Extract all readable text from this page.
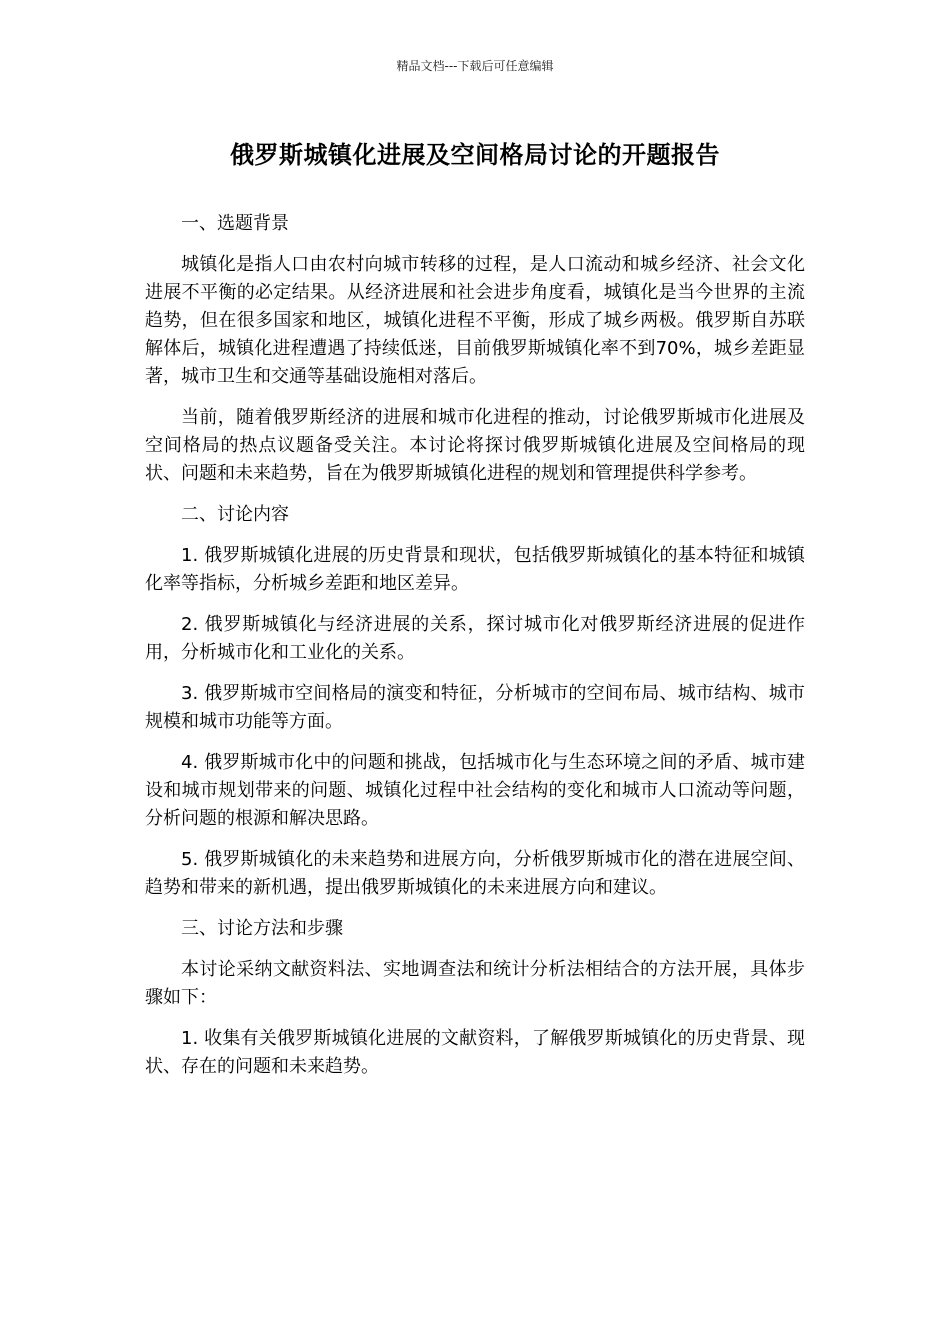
精品文档---下载后可任意编辑
俄罗斯城镇化进展及空间格局讨论的开题报告
一、选题背景
城镇化是指人口由农村向城市转移的过程，是人口流动和城乡经济、社会文化进展不平衡的必定结果。从经济进展和社会进步角度看，城镇化是当今世界的主流趋势，但在很多国家和地区，城镇化进程不平衡，形成了城乡两极。俄罗斯自苏联解体后，城镇化进程遭遇了持续低迷，目前俄罗斯城镇化率不到70%，城乡差距显著，城市卫生和交通等基础设施相对落后。
当前，随着俄罗斯经济的进展和城市化进程的推动，讨论俄罗斯城市化进展及空间格局的热点议题备受关注。本讨论将探讨俄罗斯城镇化进展及空间格局的现状、问题和未来趋势，旨在为俄罗斯城镇化进程的规划和管理提供科学参考。
二、讨论内容
1. 俄罗斯城镇化进展的历史背景和现状，包括俄罗斯城镇化的基本特征和城镇化率等指标，分析城乡差距和地区差异。
2. 俄罗斯城镇化与经济进展的关系，探讨城市化对俄罗斯经济进展的促进作用，分析城市化和工业化的关系。
3. 俄罗斯城市空间格局的演变和特征，分析城市的空间布局、城市结构、城市规模和城市功能等方面。
4. 俄罗斯城市化中的问题和挑战，包括城市化与生态环境之间的矛盾、城市建设和城市规划带来的问题、城镇化过程中社会结构的变化和城市人口流动等问题，分析问题的根源和解决思路。
5. 俄罗斯城镇化的未来趋势和进展方向，分析俄罗斯城市化的潜在进展空间、趋势和带来的新机遇，提出俄罗斯城镇化的未来进展方向和建议。
三、讨论方法和步骤
本讨论采纳文献资料法、实地调查法和统计分析法相结合的方法开展，具体步骤如下：
1. 收集有关俄罗斯城镇化进展的文献资料，了解俄罗斯城镇化的历史背景、现状、存在的问题和未来趋势。
